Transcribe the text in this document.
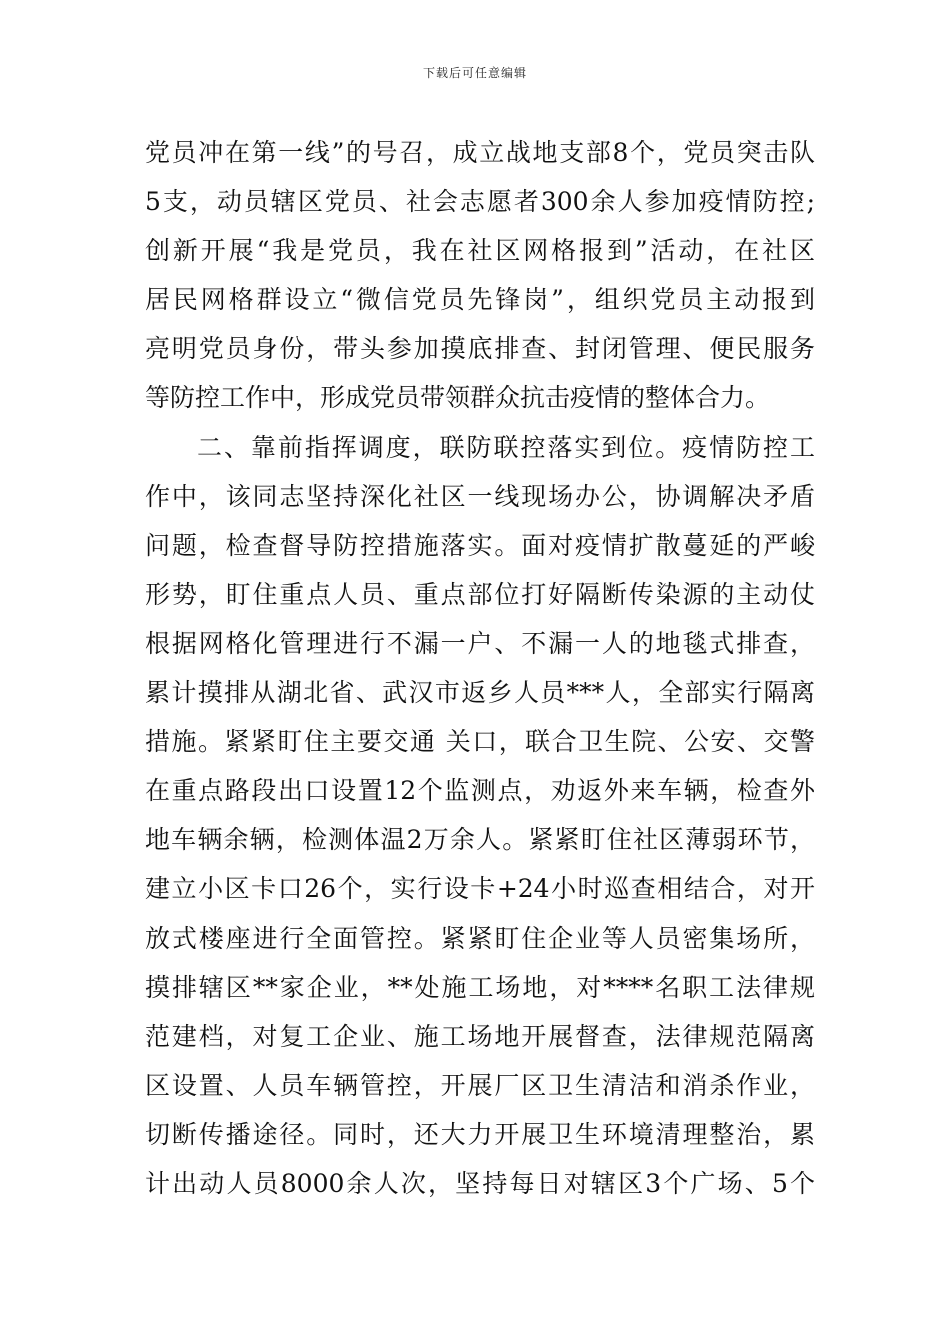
下载后可任意编辑
党员冲在第一线”的号召，成立战地支部8个，党员突击队
5支，动员辖区党员、社会志愿者300余人参加疫情防控;
创新开展“我是党员，我在社区网格报到”活动，在社区
居民网格群设立“微信党员先锋岗”，组织党员主动报到
亮明党员身份，带头参加摸底排查、封闭管理、便民服务
等防控工作中，形成党员带领群众抗击疫情的整体合力。
二、靠前指挥调度，联防联控落实到位。疫情防控工
作中，该同志坚持深化社区一线现场办公，协调解决矛盾
问题，检查督导防控措施落实。面对疫情扩散蔓延的严峻
形势，盯住重点人员、重点部位打好隔断传染源的主动仗
根据网格化管理进行不漏一户、不漏一人的地毯式排查，
累计摸排从湖北省、武汉市返乡人员***人，全部实行隔离
措施。紧紧盯住主要交通 关口，联合卫生院、公安、交警
在重点路段出口设置12个监测点，劝返外来车辆，检查外
地车辆余辆，检测体温2万余人。紧紧盯住社区薄弱环节，
建立小区卡口26个，实行设卡+24小时巡查相结合，对开
放式楼座进行全面管控。紧紧盯住企业等人员密集场所，
摸排辖区**家企业，**处施工场地，对****名职工法律规
范建档，对复工企业、施工场地开展督查，法律规范隔离
区设置、人员车辆管控，开展厂区卫生清洁和消杀作业，
切断传播途径。同时，还大力开展卫生环境清理整治，累
计出动人员8000余人次，坚持每日对辖区3个广场、5个
